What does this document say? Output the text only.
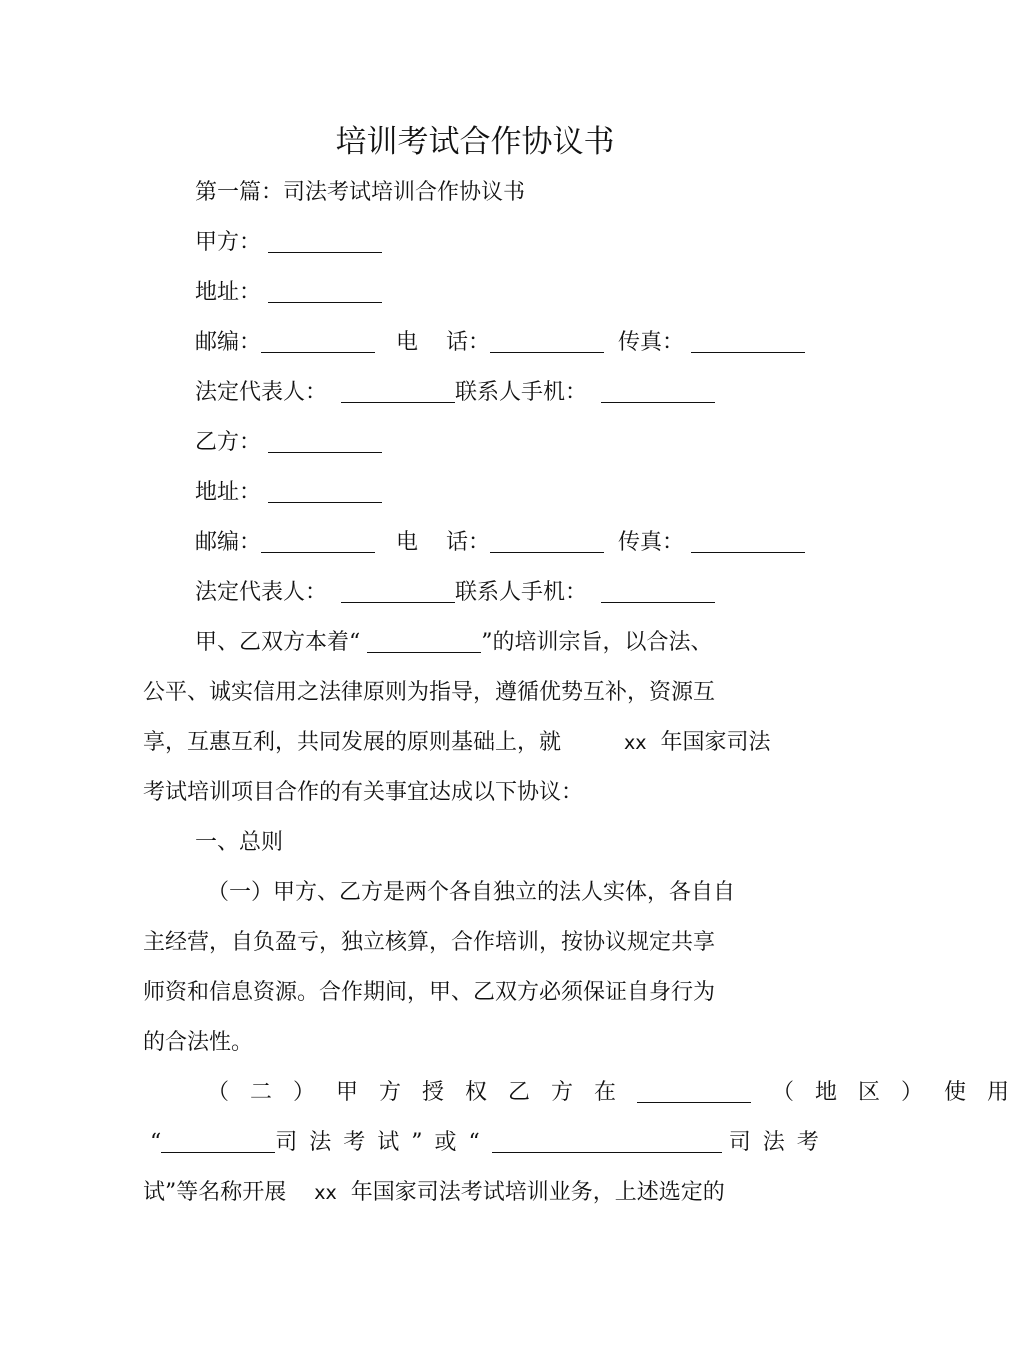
培训考试合作协议书
第一篇：司法考试培训合作协议书
甲方：
地址：
邮编：	电 话：	传真：
法定代表人：	联系人手机：
乙方：
地址：
邮编：	电 话：	传真：
法定代表人：	联系人手机：
甲、乙双方本着“	”的培训宗旨，以合法、
公平、诚实信用之法律原则为指导，遵循优势互补，资源互
享，互惠互利，共同发展的原则基础上，就	xx 年国家司法
考试培训项目合作的有关事宜达成以下协议：
一、总则
（一）甲方、乙方是两个各自独立的法人实体，各自自
主经营，自负盈亏，独立核算，合作培训，按协议规定共享
师资和信息资源。合作期间，甲、乙双方必须保证自身行为
的合法性。
（二）甲方授权乙方在	（地区）使用
“	司法考试”或“	司法考
试”等名称开展 xx 年国家司法考试培训业务，上述选定的
